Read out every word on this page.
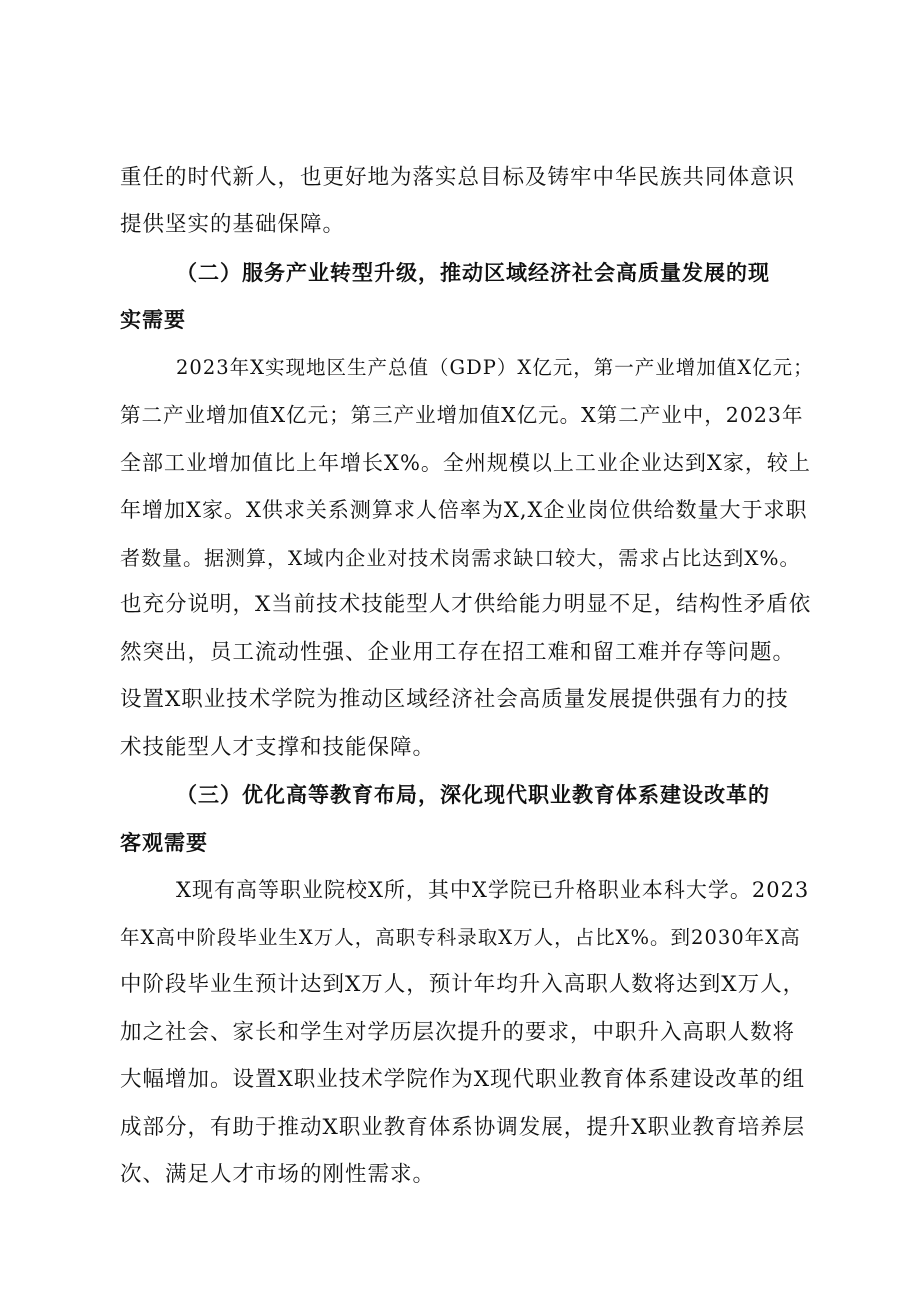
重任的时代新人，也更好地为落实总目标及铸牢中华民族共同体意识
提供坚实的基础保障。
（二）服务产业转型升级，推动区域经济社会高质量发展的现
实需要
2023年X实现地区生产总值（GDP）X亿元，第一产业增加值X亿元；
第二产业增加值X亿元；第三产业增加值X亿元。X第二产业中，2023年
全部工业增加值比上年增长X%。全州规模以上工业企业达到X家，较上
年增加X家。X供求关系测算求人倍率为X,X企业岗位供给数量大于求职
者数量。据测算，X域内企业对技术岗需求缺口较大，需求占比达到X%。
也充分说明，X当前技术技能型人才供给能力明显不足，结构性矛盾依
然突出，员工流动性强、企业用工存在招工难和留工难并存等问题。
设置X职业技术学院为推动区域经济社会高质量发展提供强有力的技
术技能型人才支撑和技能保障。
（三）优化高等教育布局，深化现代职业教育体系建设改革的
客观需要
X现有高等职业院校X所，其中X学院已升格职业本科大学。2023
年X高中阶段毕业生X万人，高职专科录取X万人，占比X%。到2030年X高
中阶段毕业生预计达到X万人，预计年均升入高职人数将达到X万人，
加之社会、家长和学生对学历层次提升的要求，中职升入高职人数将
大幅增加。设置X职业技术学院作为X现代职业教育体系建设改革的组
成部分，有助于推动X职业教育体系协调发展，提升X职业教育培养层
次、满足人才市场的刚性需求。
